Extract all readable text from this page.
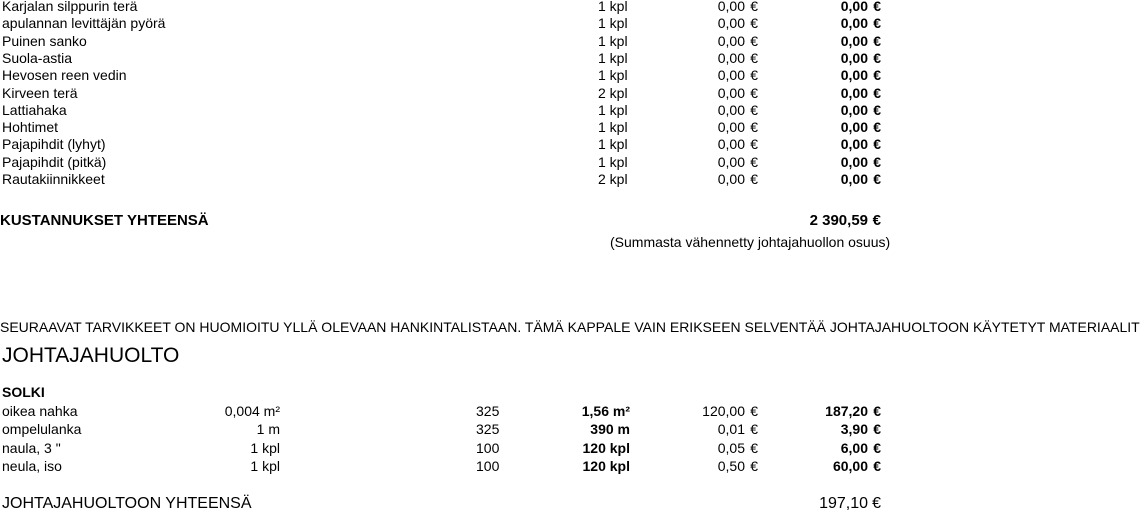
Karjalan silppurin terä	1 kpl	0,00 €	0,00 €
apulannan levittäjän pyörä	1 kpl	0,00 €	0,00 €
Puinen sanko	1 kpl	0,00 €	0,00 €
Suola-astia	1 kpl	0,00 €	0,00 €
Hevosen reen vedin	1 kpl	0,00 €	0,00 €
Kirveen terä	2 kpl	0,00 €	0,00 €
Lattiahaka	1 kpl	0,00 €	0,00 €
Hohtimet	1 kpl	0,00 €	0,00 €
Pajapihdit (lyhyt)	1 kpl	0,00 €	0,00 €
Pajapihdit (pitkä)	1 kpl	0,00 €	0,00 €
Rautakiinnikkeet	2 kpl	0,00 €	0,00 €
KUSTANNUKSET YHTEENSÄ	2 390,59 €
(Summasta vähennetty johtajahuollon osuus)
SEURAAVAT TARVIKKEET ON HUOMIOITU YLLÄ OLEVAAN HANKINTALISTAAN. TÄMÄ KAPPALE VAIN ERIKSEEN SELVENTÄÄ JOHTAJAHUOLTOON KÄYTETYT MATERIAALIT
JOHTAJAHUOLTO
SOLKI
oikea nahka	0,004 m²	325	1,56 m²	120,00 €	187,20 €
ompelulanka	1 m	325	390 m	0,01 €	3,90 €
naula, 3 "	1 kpl	100	120 kpl	0,05 €	6,00 €
neula, iso	1 kpl	100	120 kpl	0,50 €	60,00 €
JOHTAJAHUOLTOON YHTEENSÄ	197,10 €
